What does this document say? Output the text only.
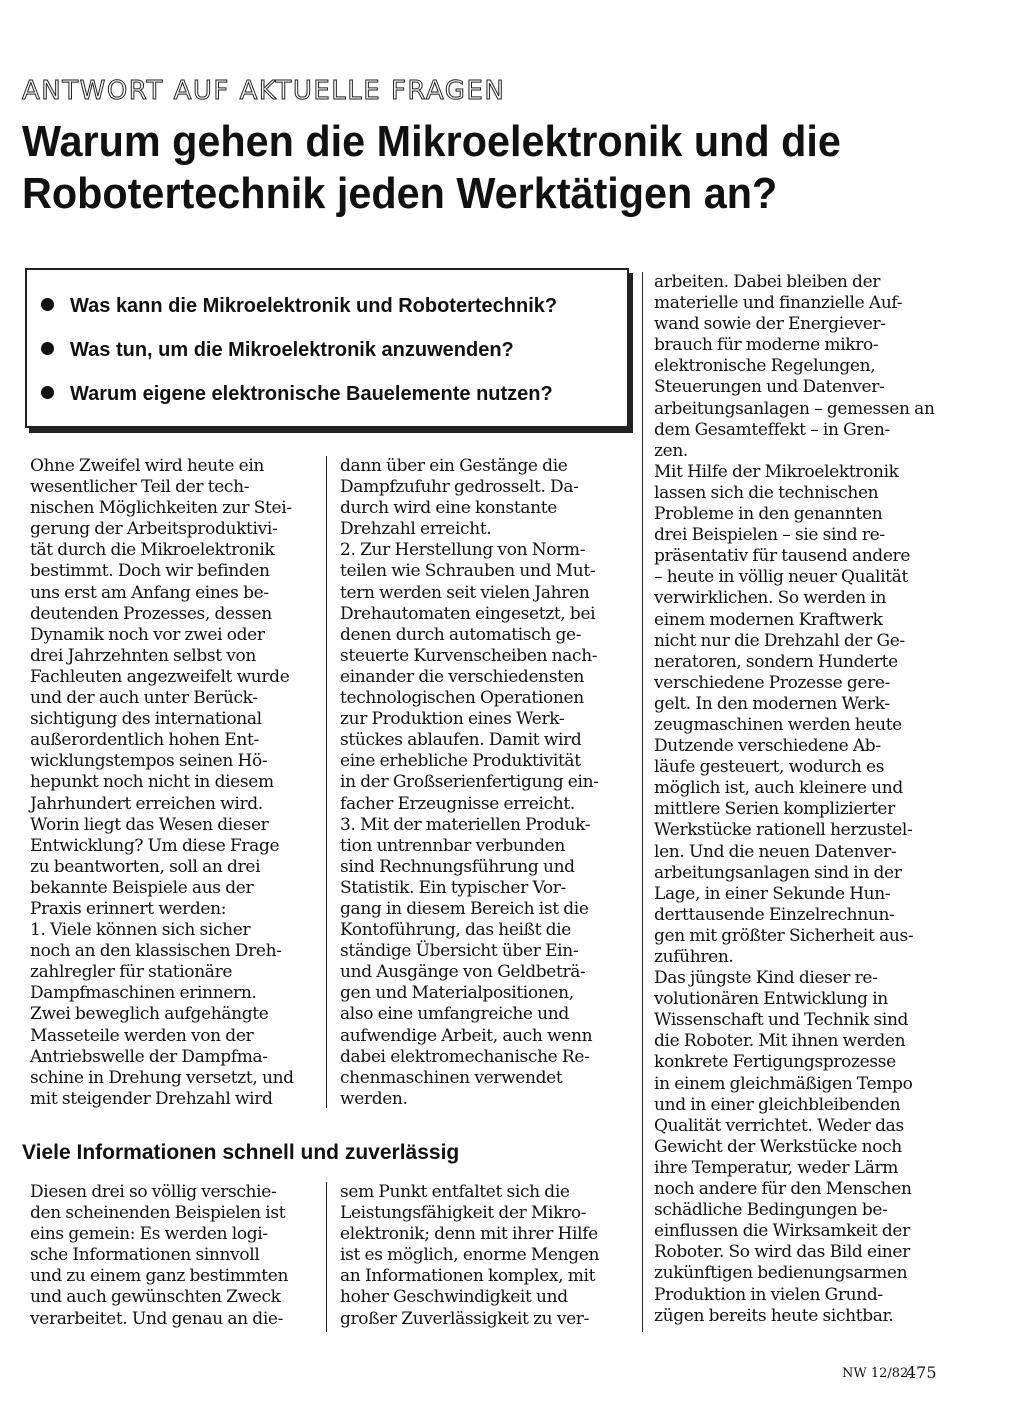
ANTWORT AUF AKTUELLE FRAGEN
Warum gehen die Mikroelektronik und die
Robotertechnik jeden Werktätigen an?
Was kann die Mikroelektronik und Robotertechnik?
Was tun, um die Mikroelektronik anzuwenden?
Warum eigene elektronische Bauelemente nutzen?

Ohne Zweifel wird heute ein
wesentlicher Teil der tech-
nischen Möglichkeiten zur Stei-
gerung der Arbeitsproduktivi-
tät durch die Mikroelektronik
bestimmt. Doch wir befinden
uns erst am Anfang eines be-
deutenden Prozesses, dessen
Dynamik noch vor zwei oder
drei Jahrzehnten selbst von
Fachleuten angezweifelt wurde
und der auch unter Berück-
sichtigung des international
außerordentlich hohen Ent-
wicklungstempos seinen Hö-
hepunkt noch nicht in diesem
Jahrhundert erreichen wird.
Worin liegt das Wesen dieser
Entwicklung? Um diese Frage
zu beantworten, soll an drei
bekannte Beispiele aus der
Praxis erinnert werden:
1. Viele können sich sicher
noch an den klassischen Dreh-
zahlregler für stationäre
Dampfmaschinen erinnern.
Zwei beweglich aufgehängte
Masseteile werden von der
Antriebswelle der Dampfma-
schine in Drehung versetzt, und
mit steigender Drehzahl wird

dann über ein Gestänge die
Dampfzufuhr gedrosselt. Da-
durch wird eine konstante
Drehzahl erreicht.
2. Zur Herstellung von Norm-
teilen wie Schrauben und Mut-
tern werden seit vielen Jahren
Drehautomaten eingesetzt, bei
denen durch automatisch ge-
steuerte Kurvenscheiben nach-
einander die verschiedensten
technologischen Operationen
zur Produktion eines Werk-
stückes ablaufen. Damit wird
eine erhebliche Produktivität
in der Großserienfertigung ein-
facher Erzeugnisse erreicht.
3. Mit der materiellen Produk-
tion untrennbar verbunden
sind Rechnungsführung und
Statistik. Ein typischer Vor-
gang in diesem Bereich ist die
Kontoführung, das heißt die
ständige Übersicht über Ein-
und Ausgänge von Geldbeträ-
gen und Materialpositionen,
also eine umfangreiche und
aufwendige Arbeit, auch wenn
dabei elektromechanische Re-
chenmaschinen verwendet
werden.

Viele Informationen schnell und zuverlässig

Diesen drei so völlig verschie-
den scheinenden Beispielen ist
eins gemein: Es werden logi-
sche Informationen sinnvoll
und zu einem ganz bestimmten
und auch gewünschten Zweck
verarbeitet. Und genau an die-

sem Punkt entfaltet sich die
Leistungsfähigkeit der Mikro-
elektronik; denn mit ihrer Hilfe
ist es möglich, enorme Mengen
an Informationen komplex, mit
hoher Geschwindigkeit und
großer Zuverlässigkeit zu ver-

arbeiten. Dabei bleiben der
materielle und finanzielle Auf-
wand sowie der Energiever-
brauch für moderne mikro-
elektronische Regelungen,
Steuerungen und Datenver-
arbeitungsanlagen – gemessen an
dem Gesamteffekt – in Gren-
zen.
Mit Hilfe der Mikroelektronik
lassen sich die technischen
Probleme in den genannten
drei Beispielen – sie sind re-
präsentativ für tausend andere
– heute in völlig neuer Qualität
verwirklichen. So werden in
einem modernen Kraftwerk
nicht nur die Drehzahl der Ge-
neratoren, sondern Hunderte
verschiedene Prozesse gere-
gelt. In den modernen Werk-
zeugmaschinen werden heute
Dutzende verschiedene Ab-
läufe gesteuert, wodurch es
möglich ist, auch kleinere und
mittlere Serien komplizierter
Werkstücke rationell herzustel-
len. Und die neuen Datenver-
arbeitungsanlagen sind in der
Lage, in einer Sekunde Hun-
derttausende Einzelrechnun-
gen mit größter Sicherheit aus-
zuführen.
Das jüngste Kind dieser re-
volutionären Entwicklung in
Wissenschaft und Technik sind
die Roboter. Mit ihnen werden
konkrete Fertigungsprozesse
in einem gleichmäßigen Tempo
und in einer gleichbleibenden
Qualität verrichtet. Weder das
Gewicht der Werkstücke noch
ihre Temperatur, weder Lärm
noch andere für den Menschen
schädliche Bedingungen be-
einflussen die Wirksamkeit der
Roboter. So wird das Bild einer
zukünftigen bedienungsarmen
Produktion in vielen Grund-
zügen bereits heute sichtbar.

NW 12/82
475
